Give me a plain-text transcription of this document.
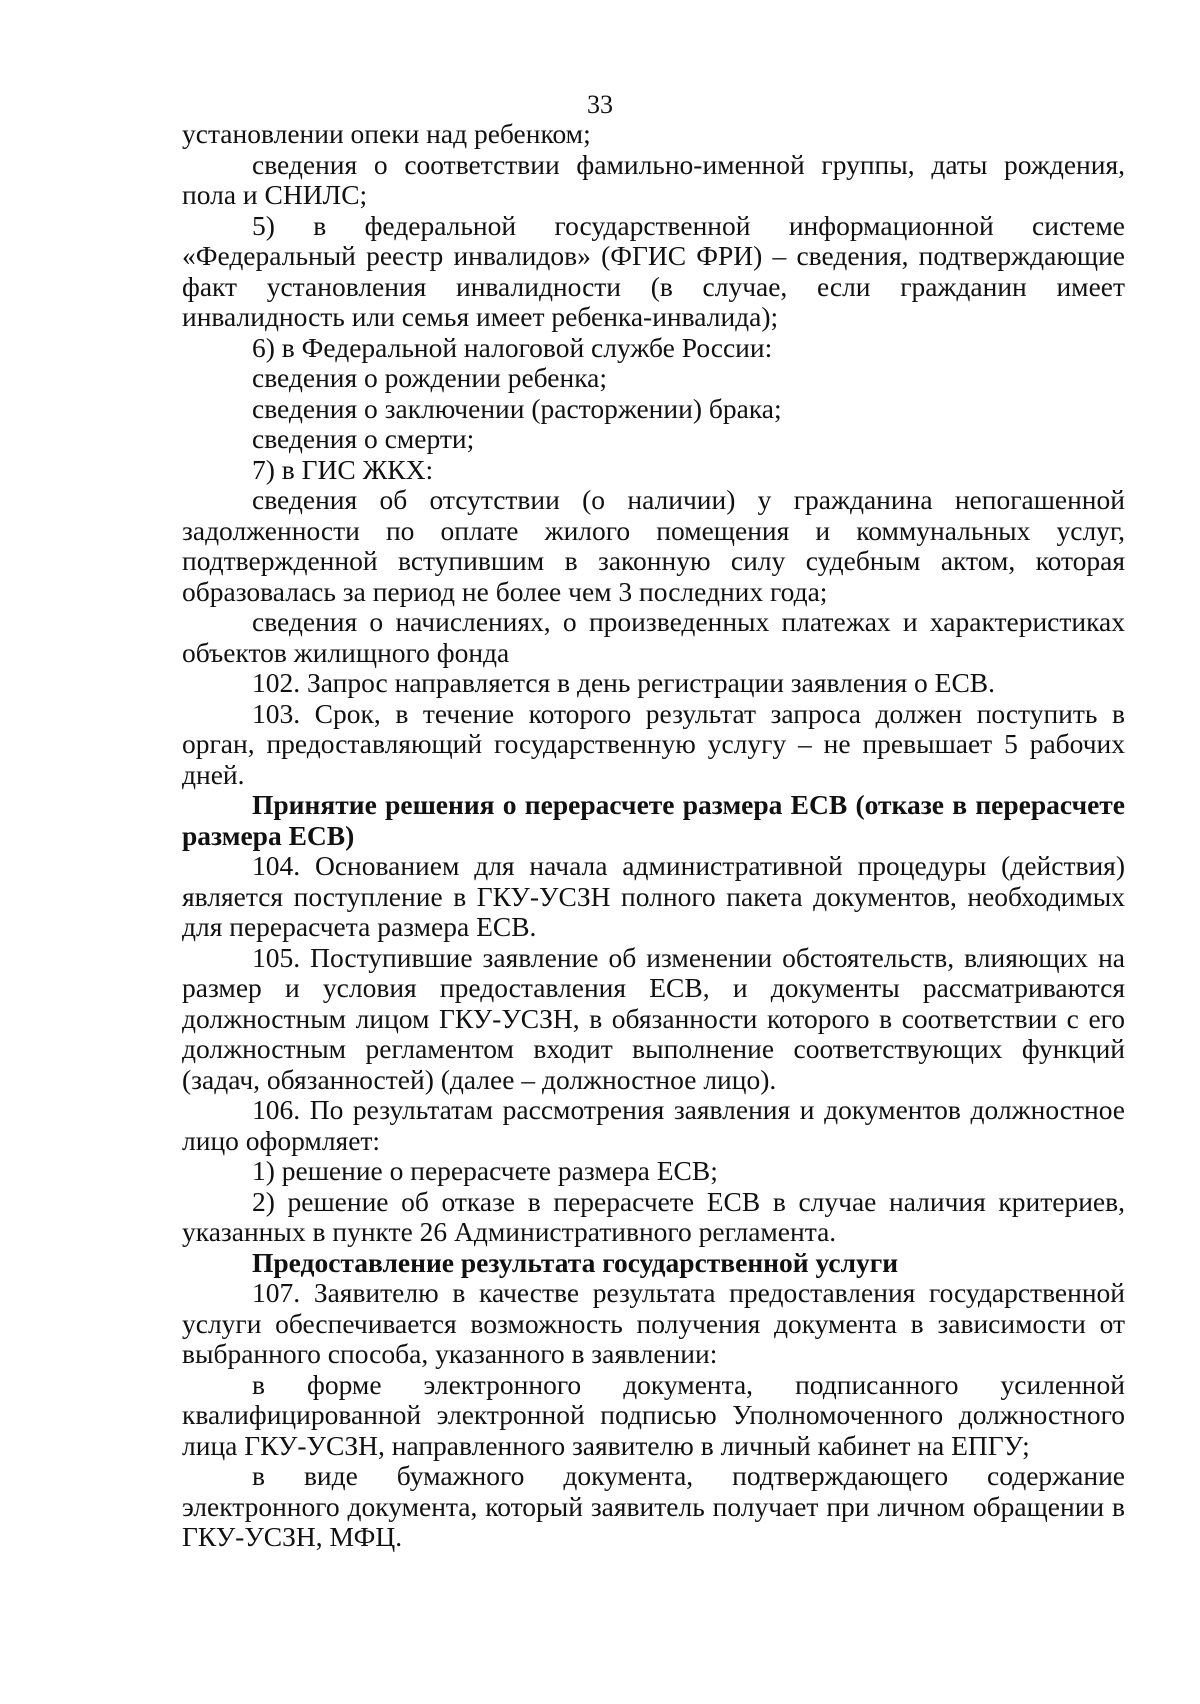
33

установлении опеки над ребенком;

сведения о соответствии фамильно-именной группы, даты рождения, пола и СНИЛС;

5) в федеральной государственной информационной системе «Федеральный реестр инвалидов» (ФГИС ФРИ) – сведения, подтверждающие факт установления инвалидности (в случае, если гражданин имеет инвалидность или семья имеет ребенка-инвалида);

6) в Федеральной налоговой службе России:

сведения о рождении ребенка;

сведения о заключении (расторжении) брака;

сведения о смерти;

7) в ГИС ЖКХ:

сведения об отсутствии (о наличии) у гражданина непогашенной задолженности по оплате жилого помещения и коммунальных услуг, подтвержденной вступившим в законную силу судебным актом, которая образовалась за период не более чем 3 последних года;

сведения о начислениях, о произведенных платежах и характеристиках объектов жилищного фонда

102. Запрос направляется в день регистрации заявления о ЕСВ.

103. Срок, в течение которого результат запроса должен поступить в орган, предоставляющий государственную услугу – не превышает 5 рабочих дней.

Принятие решения о перерасчете размера ЕСВ (отказе в перерасчете размера ЕСВ)

104. Основанием для начала административной процедуры (действия) является поступление в ГКУ-УСЗН полного пакета документов, необходимых для перерасчета размера ЕСВ.

105. Поступившие заявление об изменении обстоятельств, влияющих на размер и условия предоставления ЕСВ, и документы рассматриваются должностным лицом ГКУ-УСЗН, в обязанности которого в соответствии с его должностным регламентом входит выполнение соответствующих функций (задач, обязанностей) (далее – должностное лицо).

106. По результатам рассмотрения заявления и документов должностное лицо оформляет:

1) решение о перерасчете размера ЕСВ;

2) решение об отказе в перерасчете ЕСВ в случае наличия критериев, указанных в пункте 26 Административного регламента.

Предоставление результата государственной услуги

107. Заявителю в качестве результата предоставления государственной услуги обеспечивается возможность получения документа в зависимости от выбранного способа, указанного в заявлении:

в форме электронного документа, подписанного усиленной квалифицированной электронной подписью Уполномоченного должностного лица ГКУ-УСЗН, направленного заявителю в личный кабинет на ЕПГУ;

в виде бумажного документа, подтверждающего содержание электронного документа, который заявитель получает при личном обращении в ГКУ-УСЗН, МФЦ.
